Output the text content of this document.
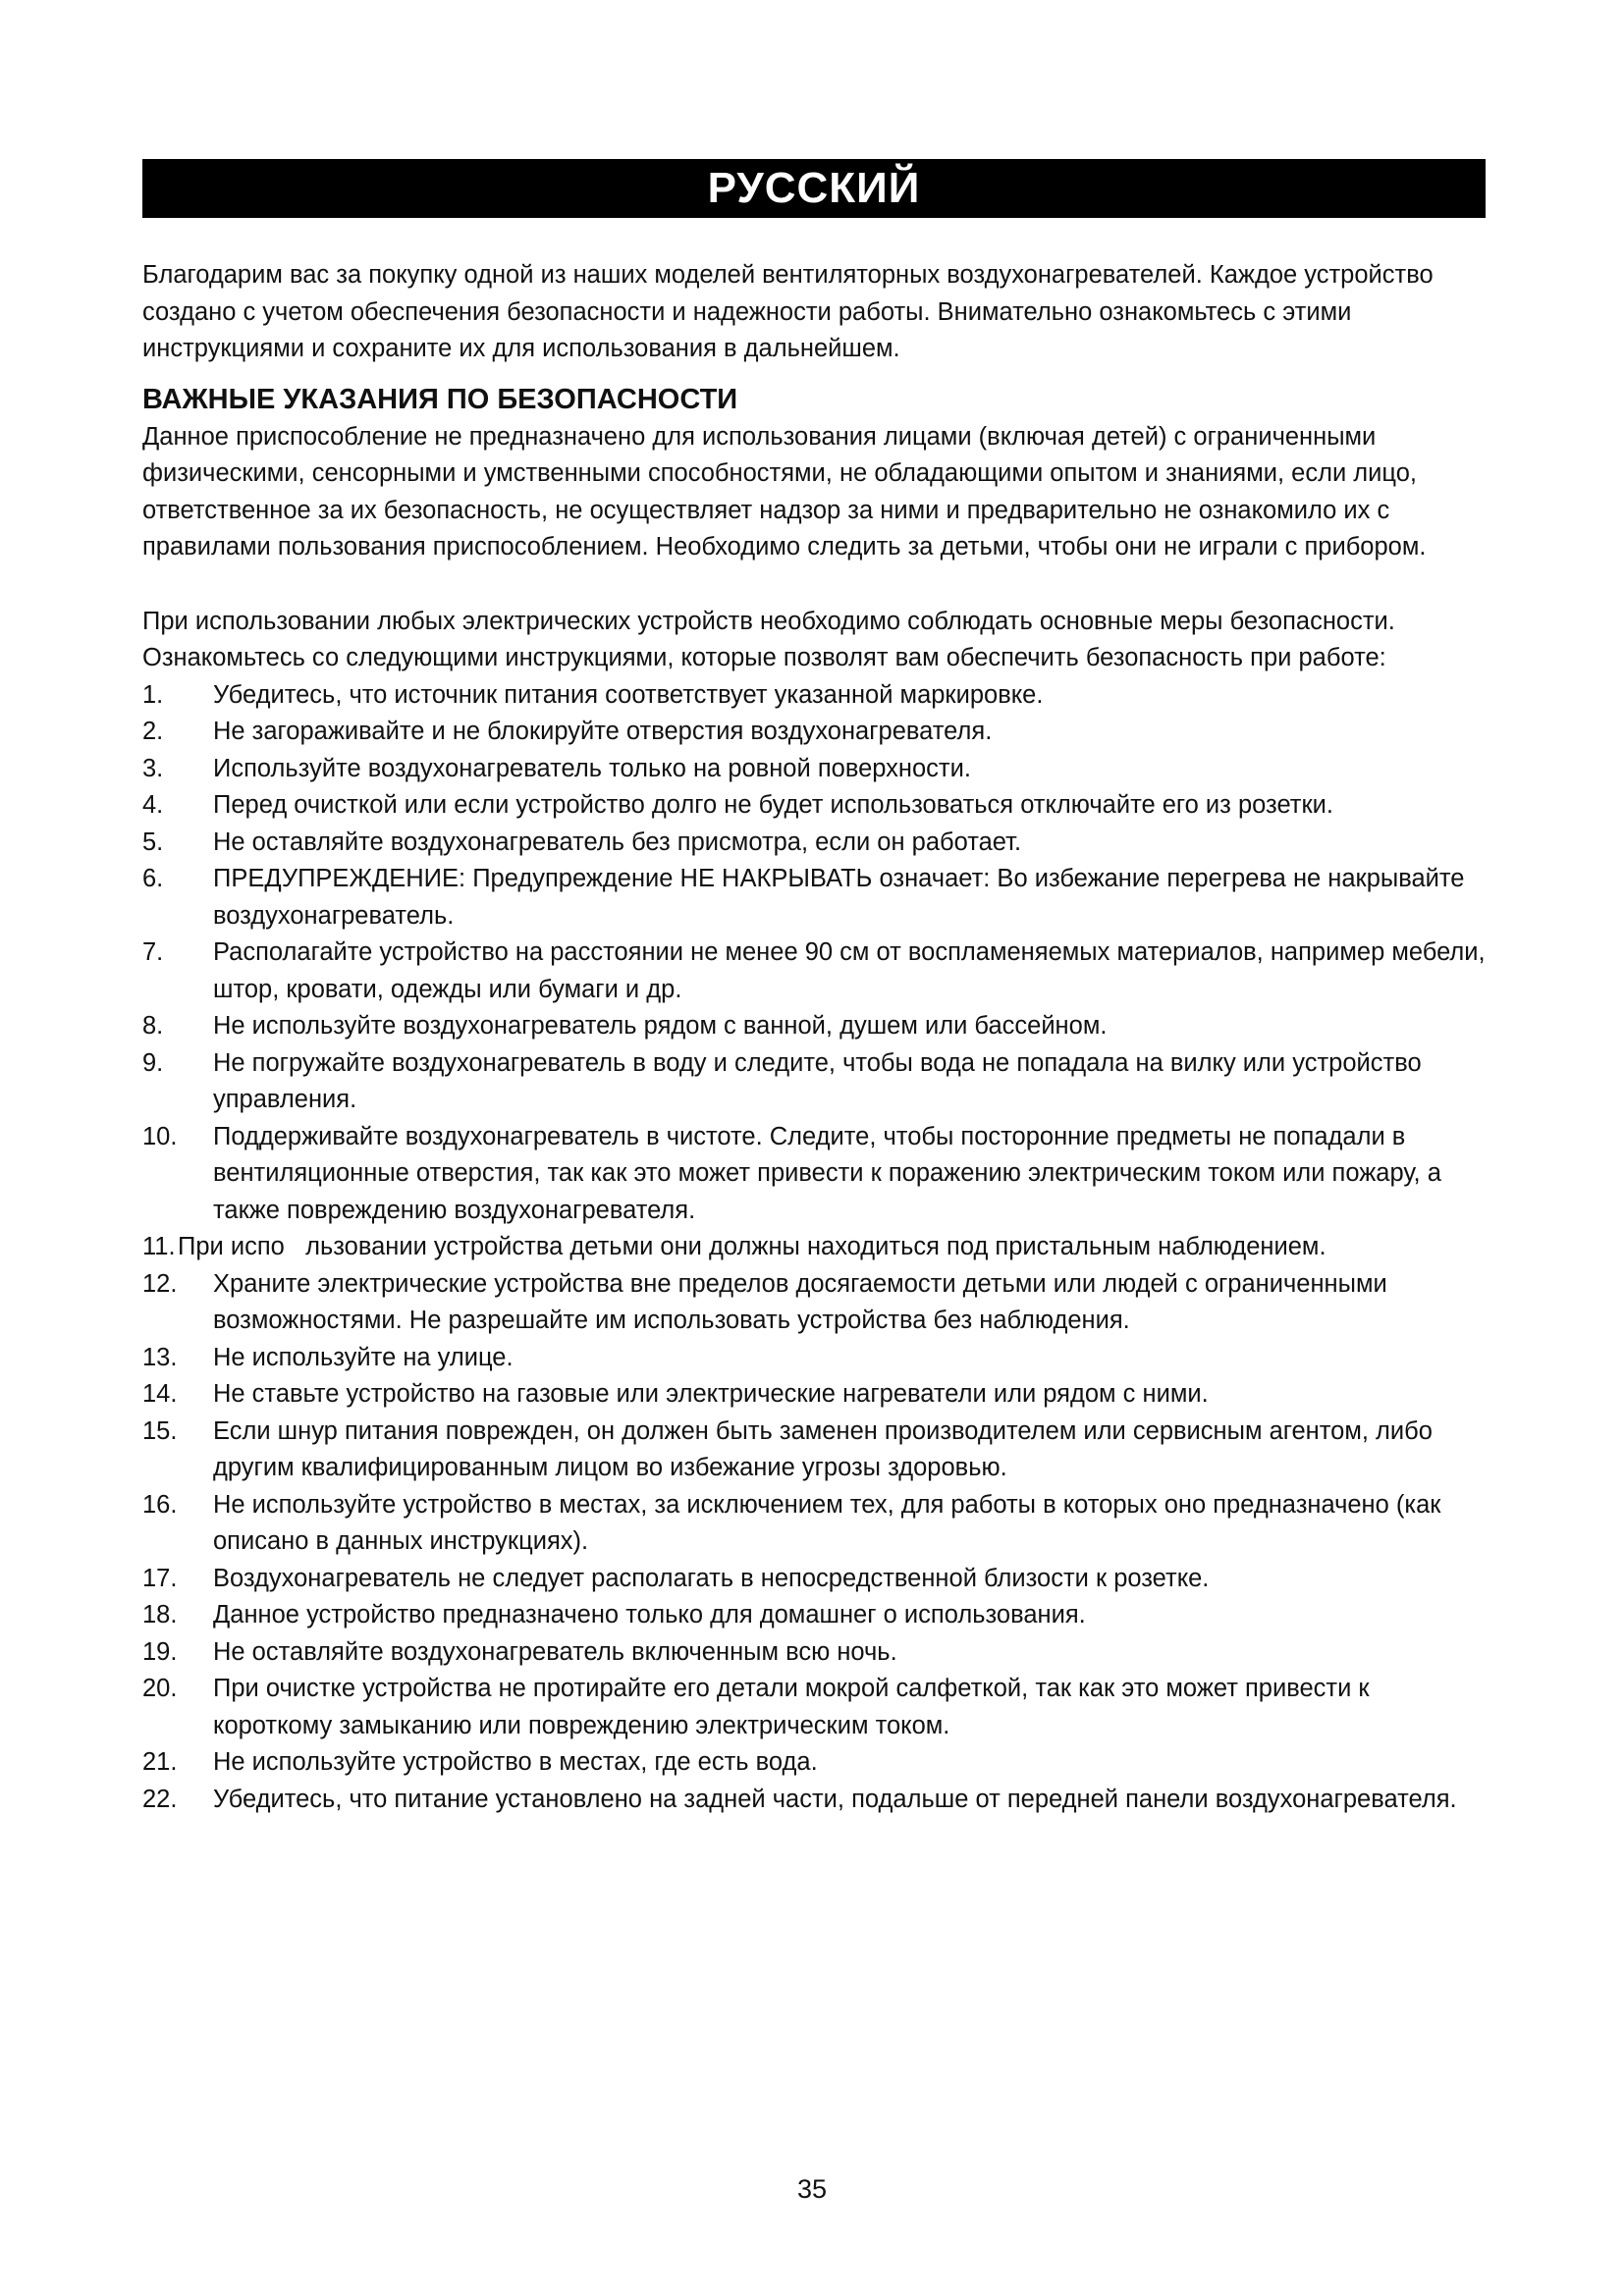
РУССКИЙ

Благодарим вас за покупку одной из наших моделей вентиляторных воздухонагревателей. Каждое устройство создано с учетом обеспечения безопасности и надежности работы. Внимательно ознакомьтесь с этими инструкциями и сохраните их для использования в дальнейшем.

ВАЖНЫЕ УКАЗАНИЯ ПО БЕЗОПАСНОСТИ

Данное приспособление не предназначено для использования лицами (включая детей) с ограниченными физическими, сенсорными и умственными способностями, не обладающими опытом и знаниями, если лицо, ответственное за их безопасность, не осуществляет надзор за ними и предварительно не ознакомило их с правилами пользования приспособлением. Необходимо следить за детьми, чтобы они не играли с прибором.

При использовании любых электрических устройств необходимо соблюдать основные меры безопасности. Ознакомьтесь со следующими инструкциями, которые позволят вам обеспечить безопасность при работе:

1.	Убедитесь, что источник питания соответствует указанной маркировке.
2.	Не загораживайте и не блокируйте отверстия воздухонагревателя.
3.	Используйте воздухонагреватель только на ровной поверхности.
4.	Перед очисткой или если устройство долго не будет использоваться отключайте его из розетки.
5.	Не оставляйте воздухонагреватель без присмотра, если он работает.
6.	ПРЕДУПРЕЖДЕНИЕ: Предупреждение НЕ НАКРЫВАТЬ означает: Во избежание перегрева не накрывайте воздухонагреватель.
7.	Располагайте устройство на расстоянии не менее 90 см от воспламеняемых материалов, например мебели, штор, кровати, одежды или бумаги и др.
8.	Не используйте воздухонагреватель рядом с ванной, душем или бассейном.
9.	Не погружайте воздухонагреватель в воду и следите, чтобы вода не попадала на вилку или устройство управления.
10.	Поддерживайте воздухонагреватель в чистоте. Следите, чтобы посторонние предметы не попадали в вентиляционные отверстия, так как это может привести к поражению электрическим током или пожару, а также повреждению воздухонагревателя.
11. При испо   льзовании устройства детьми они должны находиться под пристальным наблюдением.
12.	Храните электрические устройства вне пределов досягаемости детьми или людей с ограниченными возможностями. Не разрешайте им использовать устройства без наблюдения.
13.	Не используйте на улице.
14.	Не ставьте устройство на газовые или электрические нагреватели или рядом с ними.
15.	Если шнур питания поврежден, он должен быть заменен производителем или сервисным агентом, либо другим квалифицированным лицом во избежание угрозы здоровью.
16.	Не используйте устройство в местах, за исключением тех, для работы в которых оно предназначено (как описано в данных инструкциях).
17.	Воздухонагреватель не следует располагать в непосредственной близости к розетке.
18.	Данное устройство предназначено только для домашнег о использования.
19.	Не оставляйте воздухонагреватель включенным всю ночь.
20.	При очистке устройства не протирайте его детали мокрой салфеткой, так как это может привести к короткому замыканию или повреждению электрическим током.
21.	Не используйте устройство в местах, где есть вода.
22.	Убедитесь, что питание установлено на задней части, подальше от передней панели воздухонагревателя.
35
